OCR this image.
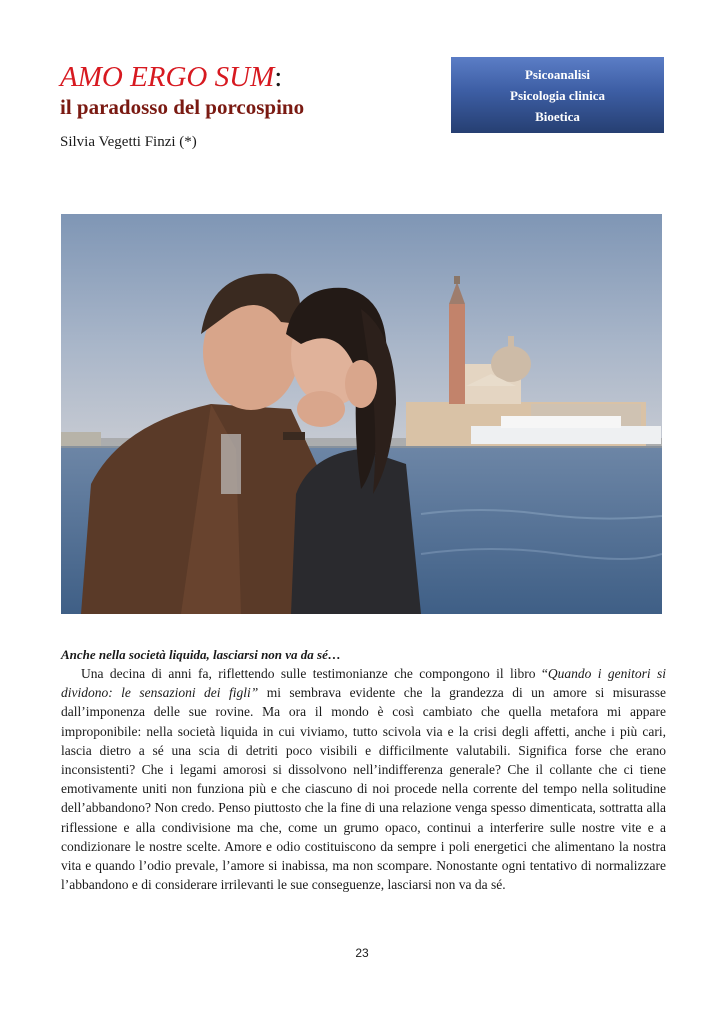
AMO ERGO SUM:
il paradosso del porcospino
Silvia Vegetti Finzi (*)
Psicoanalisi
Psicologia clinica
Bioetica
Anche nella società liquida, lasciarsi non va da sé…

Una decina di anni fa, riflettendo sulle testimonianze che compongono il libro “Quando i genitori si dividono: le sensazioni dei figli” mi sembrava evidente che la grandezza di un amore si misurasse dall’imponenza delle sue rovine. Ma ora il mondo è così cambiato che quella metafora mi appare improponibile: nella società liquida in cui viviamo, tutto scivola via e la crisi degli affetti, anche i più cari, lascia dietro a sé una scia di detriti poco visibili e difficilmente valutabili. Significa forse che erano inconsistenti? Che i legami amorosi si dissolvono nell’indifferenza generale? Che il collante che ci tiene emotivamente uniti non funziona più e che ciascuno di noi procede nella corrente del tempo nella solitudine dell’abbandono? Non credo. Penso piuttosto che la fine di una relazione venga spesso dimenticata, sottratta alla riflessione e alla condivisione ma che, come un grumo opaco, continui a interferire sulle nostre vite e a condizionare le nostre scelte. Amore e odio costituiscono da sempre i poli energetici che alimentano la nostra vita e quando l’odio prevale, l’amore si inabissa, ma non scompare. Nonostante ogni tentativo di normalizzare l’abbandono e di considerare irrilevanti le sue conseguenze, lasciarsi non va da sé.

23
